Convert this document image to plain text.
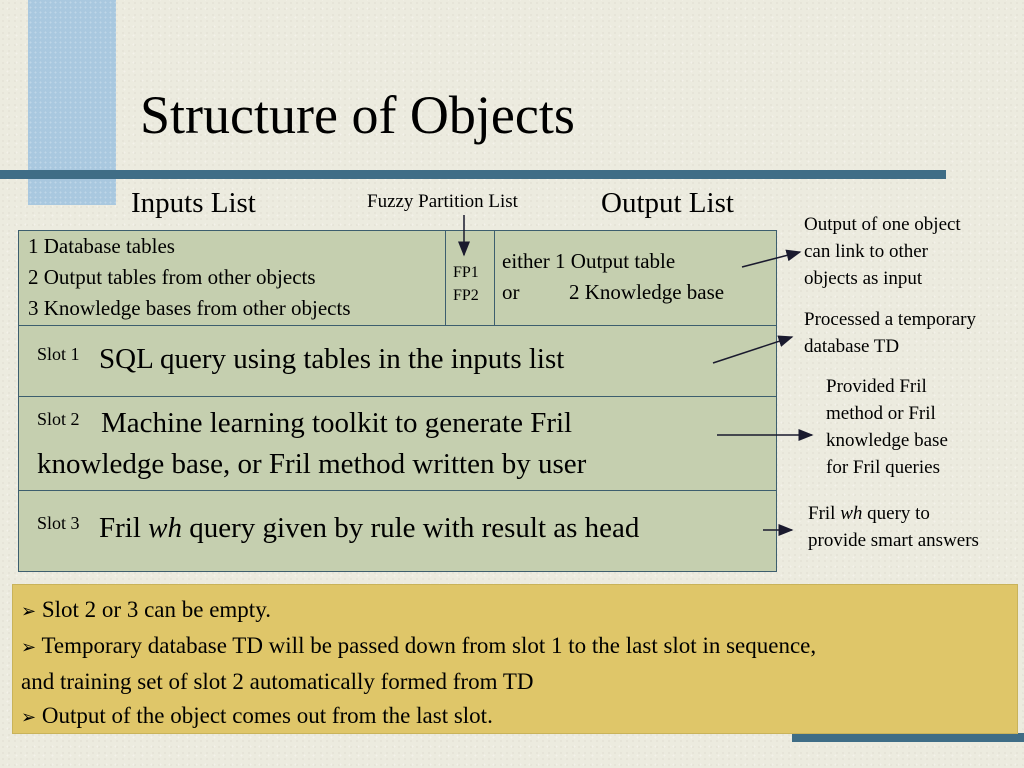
Structure of Objects
Inputs List	Fuzzy Partition List	Output List
1 Database tables
2 Output tables from other objects
3 Knowledge bases from other objects
FP1
FP2
either 1 Output table
or 2 Knowledge base
Slot 1 SQL query using tables in the inputs list
Slot 2 Machine learning toolkit to generate Fril
knowledge base, or Fril method written by user
Slot 3 Fril wh query given by rule with result as head
Output of one object
can link to other
objects as input
Processed a temporary
database TD
Provided Fril
method or Fril
knowledge base
for Fril queries
Fril wh query to
provide smart answers
➢ Slot 2 or 3 can be empty.
➢ Temporary database TD will be passed down from slot 1 to the last slot in sequence,
and training set of slot 2 automatically formed from TD
➢ Output of the object comes out from the last slot.
